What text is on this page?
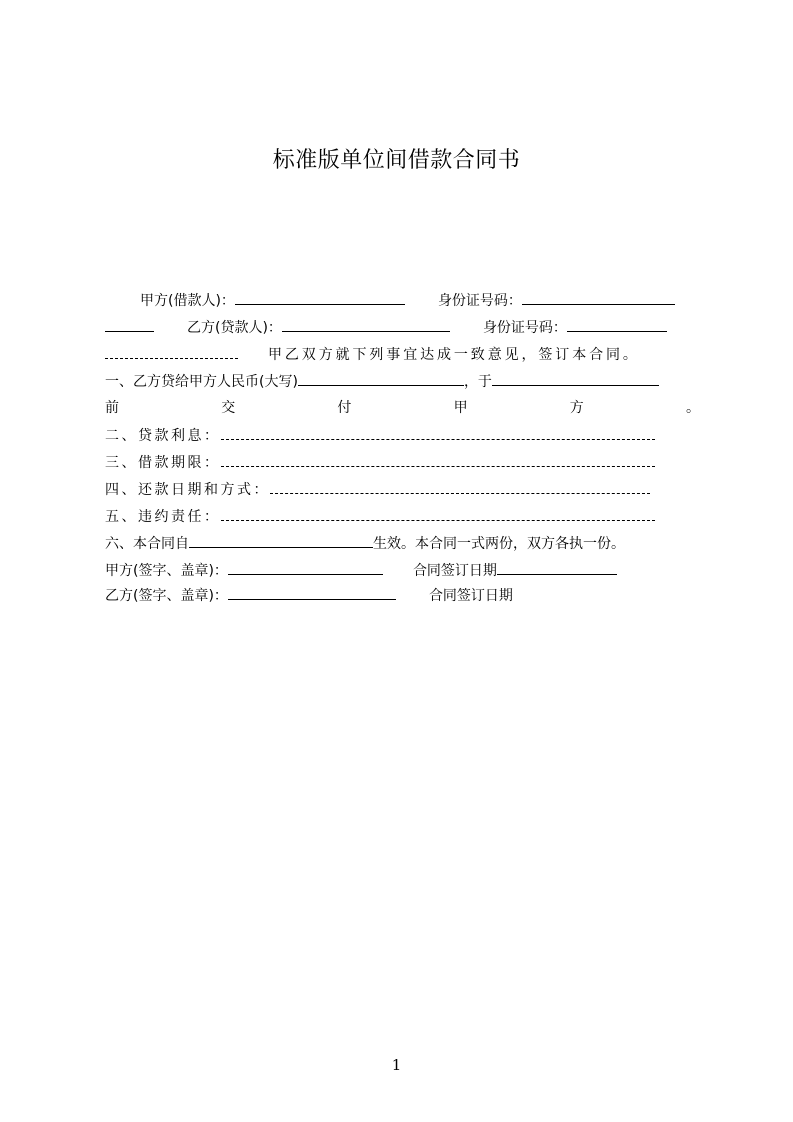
标准版单位间借款合同书
甲方(借款人)：	身份证号码：
乙方(贷款人)：	身份证号码：
甲乙双方就下列事宜达成一致意见，签订本合同。
一、乙方贷给甲方人民币(大写)	，于
前	交	付	甲	方	。
二、贷款利息：
三、借款期限：
四、还款日期和方式：
五、违约责任：
六、本合同自	生效。本合同一式两份，双方各执一份。
甲方(签字、盖章)：	合同签订日期
乙方(签字、盖章)：	合同签订日期
1
